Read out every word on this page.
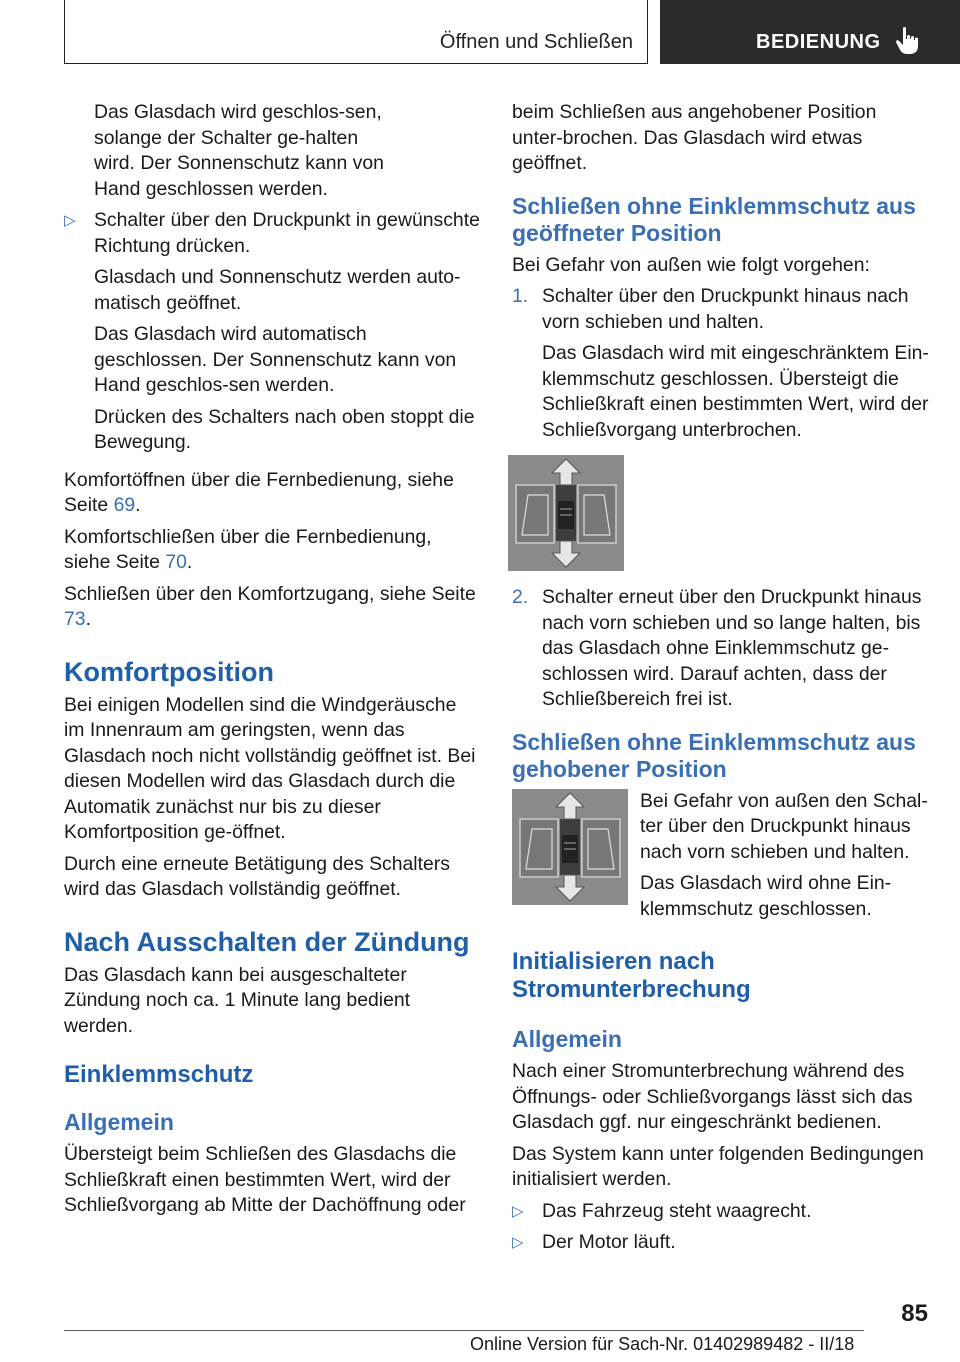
Öffnen und Schließen	BEDIENUNG

Das Glasdach wird geschlos-sen, solange der Schalter ge-halten wird. Der Sonnenschutz kann von Hand geschlossen werden.

▷ Schalter über den Druckpunkt in gewünschte Richtung drücken.

Glasdach und Sonnenschutz werden auto-matisch geöffnet.

Das Glasdach wird automatisch geschlossen. Der Sonnenschutz kann von Hand geschlos-sen werden.

Drücken des Schalters nach oben stoppt die Bewegung.

Komfortöffnen über die Fernbedienung, siehe Seite 69.

Komfortschließen über die Fernbedienung, siehe Seite 70.

Schließen über den Komfortzugang, siehe Seite 73.

Komfortposition

Bei einigen Modellen sind die Windgeräusche im Innenraum am geringsten, wenn das Glasdach noch nicht vollständig geöffnet ist. Bei diesen Modellen wird das Glasdach durch die Automatik zunächst nur bis zu dieser Komfortposition ge-öffnet.

Durch eine erneute Betätigung des Schalters wird das Glasdach vollständig geöffnet.

Nach Ausschalten der Zündung

Das Glasdach kann bei ausgeschalteter Zündung noch ca. 1 Minute lang bedient werden.

Einklemmschutz
Allgemein

Übersteigt beim Schließen des Glasdachs die Schließkraft einen bestimmten Wert, wird der Schließvorgang ab Mitte der Dachöffnung oder

beim Schließen aus angehobener Position unter-brochen. Das Glasdach wird etwas geöffnet.

Schließen ohne Einklemmschutz aus geöffneter Position

Bei Gefahr von außen wie folgt vorgehen:

1. Schalter über den Druckpunkt hinaus nach vorn schieben und halten.

Das Glasdach wird mit eingeschränktem Ein-klemmschutz geschlossen. Übersteigt die Schließkraft einen bestimmten Wert, wird der Schließvorgang unterbrochen.

2. Schalter erneut über den Druckpunkt hinaus nach vorn schieben und so lange halten, bis das Glasdach ohne Einklemmschutz ge-schlossen wird. Darauf achten, dass der Schließbereich frei ist.
Schließen ohne Einklemmschutz aus gehobener Position

Bei Gefahr von außen den Schal-ter über den Druckpunkt hinaus nach vorn schieben und halten.

Das Glasdach wird ohne Ein-klemmschutz geschlossen.

Initialisieren nach Stromunterbrechung
Allgemein

Nach einer Stromunterbrechung während des Öffnungs- oder Schließvorgangs lässt sich das Glasdach ggf. nur eingeschränkt bedienen.

Das System kann unter folgenden Bedingungen initialisiert werden.

▷ Das Fahrzeug steht waagrecht.
▷ Der Motor läuft.
85
Online Version für Sach-Nr. 01402989482 - II/18
